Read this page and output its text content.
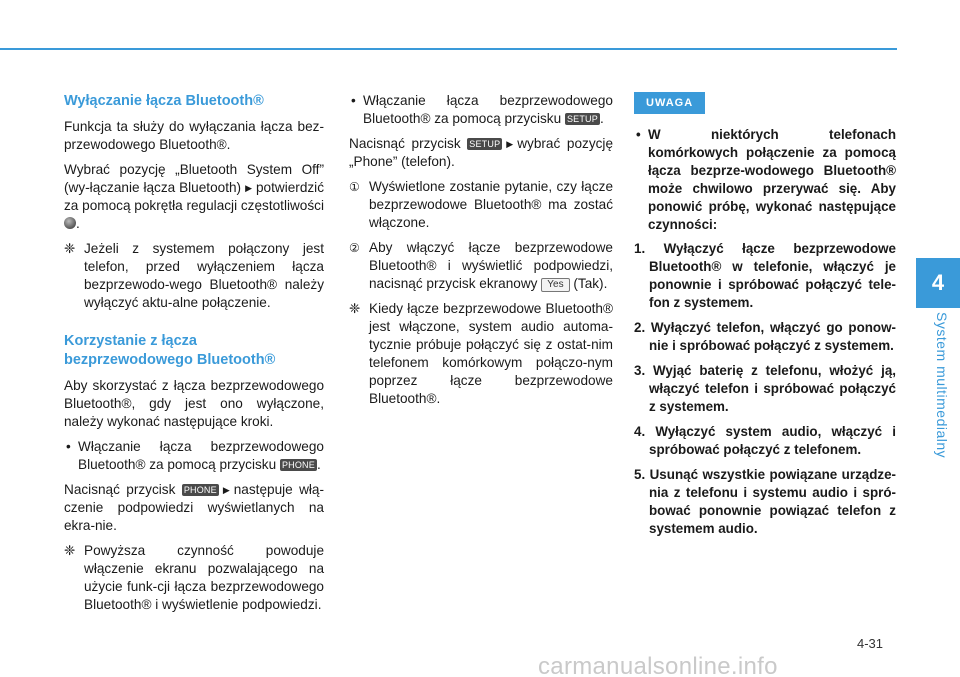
4
System multimedialny
Wyłączanie łącza Bluetooth®

Funkcja ta służy do wyłączania łącza bez-przewodowego Bluetooth®.

Wybrać pozycję „Bluetooth System Off” (wy-łączanie łącza Bluetooth) ▶ potwierdzić za pomocą pokrętła regulacji częstotliwości .

❈ Jeżeli z systemem połączony jest telefon, przed wyłączeniem łącza bezprzewodo-wego Bluetooth® należy wyłączyć aktu-alne połączenie.
Korzystanie z łącza bezprzewodowego Bluetooth®

Aby skorzystać z łącza bezprzewodowego Bluetooth®, gdy jest ono wyłączone, należy wykonać następujące kroki.

• Włączanie łącza bezprzewodowego Bluetooth® za pomocą przycisku PHONE .

Nacisnąć przycisk PHONE ▶ następuje włą-czenie podpowiedzi wyświetlanych na ekra-nie.

❈ Powyższa czynność powoduje włączenie ekranu pozwalającego na użycie funk-cji łącza bezprzewodowego Bluetooth® i wyświetlenie podpowiedzi.
• Włączanie łącza bezprzewodowego Bluetooth® za pomocą przycisku SETUP .

Nacisnąć przycisk SETUP ▶ wybrać pozycję „Phone” (telefon).

① Wyświetlone zostanie pytanie, czy łącze bezprzewodowe Bluetooth® ma zostać włączone.
② Aby włączyć łącze bezprzewodowe Bluetooth® i wyświetlić podpowiedzi, nacisnąć przycisk ekranowy Yes (Tak).
❈ Kiedy łącze bezprzewodowe Bluetooth® jest włączone, system audio automa-tycznie próbuje połączyć się z ostat-nim telefonem komórkowym połączo-nym poprzez łącze bezprzewodowe Bluetooth®.
UWAGA
• W niektórych telefonach komórkowych połączenie za pomocą łącza bezprze-wodowego Bluetooth® może chwilowo przerywać się. Aby ponowić próbę, wykonać następujące czynności:
1. Wyłączyć łącze bezprzewodowe Bluetooth® w telefonie, włączyć je ponownie i spróbować połączyć tele-fon z systemem.
2. Wyłączyć telefon, włączyć go ponow-nie i spróbować połączyć z systemem.
3. Wyjąć baterię z telefonu, włożyć ją, włączyć telefon i spróbować połączyć z systemem.
4. Wyłączyć system audio, włączyć i spróbować połączyć z telefonem.
5. Usunąć wszystkie powiązane urządze-nia z telefonu i systemu audio i spró-bować ponownie powiązać telefon z systemem audio.
4-31
carmanualsonline.info
